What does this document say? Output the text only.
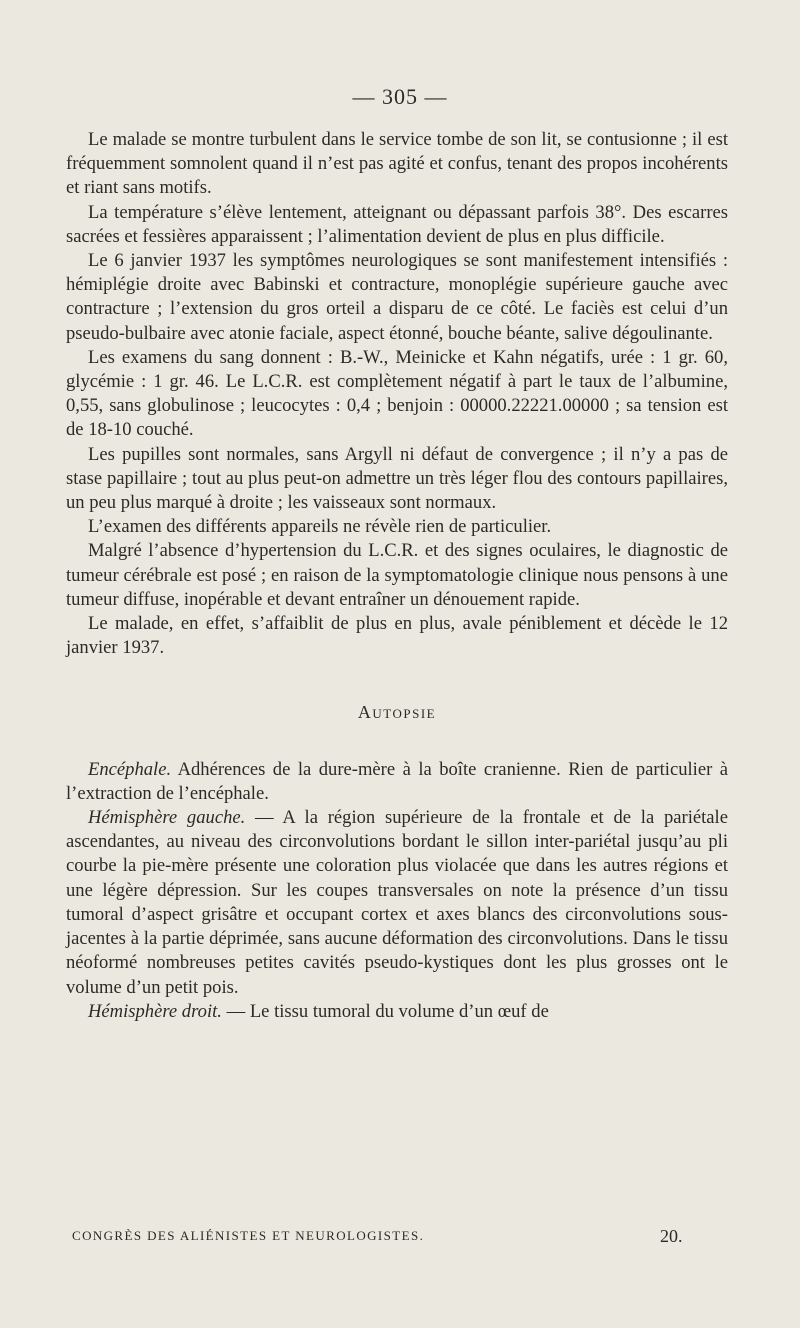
— 305 —

Le malade se montre turbulent dans le service tombe de son lit, se contusionne ; il est fréquemment somnolent quand il n’est pas agité et confus, tenant des propos incohérents et riant sans motifs.

La température s’élève lentement, atteignant ou dépassant parfois 38°. Des escarres sacrées et fessières apparaissent ; l’alimentation devient de plus en plus difficile.

Le 6 janvier 1937 les symptômes neurologiques se sont manifestement intensifiés : hémiplégie droite avec Babinski et contracture, monoplégie supérieure gauche avec contracture ; l’extension du gros orteil a disparu de ce côté. Le faciès est celui d’un pseudo-bulbaire avec atonie faciale, aspect étonné, bouche béante, salive dégoulinante.

Les examens du sang donnent : B.-W., Meinicke et Kahn négatifs, urée : 1 gr. 60, glycémie : 1 gr. 46. Le L.C.R. est complètement négatif à part le taux de l’albumine, 0,55, sans globulinose ; leucocytes : 0,4 ; benjoin : 00000.22221.00000 ; sa tension est de 18-10 couché.

Les pupilles sont normales, sans Argyll ni défaut de convergence ; il n’y a pas de stase papillaire ; tout au plus peut-on admettre un très léger flou des contours papillaires, un peu plus marqué à droite ; les vaisseaux sont normaux.

L’examen des différents appareils ne révèle rien de particulier.

Malgré l’absence d’hypertension du L.C.R. et des signes oculaires, le diagnostic de tumeur cérébrale est posé ; en raison de la symptomatologie clinique nous pensons à une tumeur diffuse, inopérable et devant entraîner un dénouement rapide.

Le malade, en effet, s’affaiblit de plus en plus, avale péniblement et décède le 12 janvier 1937.

Autopsie

Encéphale. Adhérences de la dure-mère à la boîte cranienne. Rien de particulier à l’extraction de l’encéphale.

Hémisphère gauche. — A la région supérieure de la frontale et de la pariétale ascendantes, au niveau des circonvolutions bordant le sillon inter-pariétal jusqu’au pli courbe la pie-mère présente une coloration plus violacée que dans les autres régions et une légère dépression. Sur les coupes transversales on note la présence d’un tissu tumoral d’aspect grisâtre et occupant cortex et axes blancs des circonvolutions sous-jacentes à la partie déprimée, sans aucune déformation des circonvolutions. Dans le tissu néoformé nombreuses petites cavités pseudo-kystiques dont les plus grosses ont le volume d’un petit pois.

Hémisphère droit. — Le tissu tumoral du volume d’un œuf de

CONGRÈS DES ALIÉNISTES ET NEUROLOGISTES.	20.
